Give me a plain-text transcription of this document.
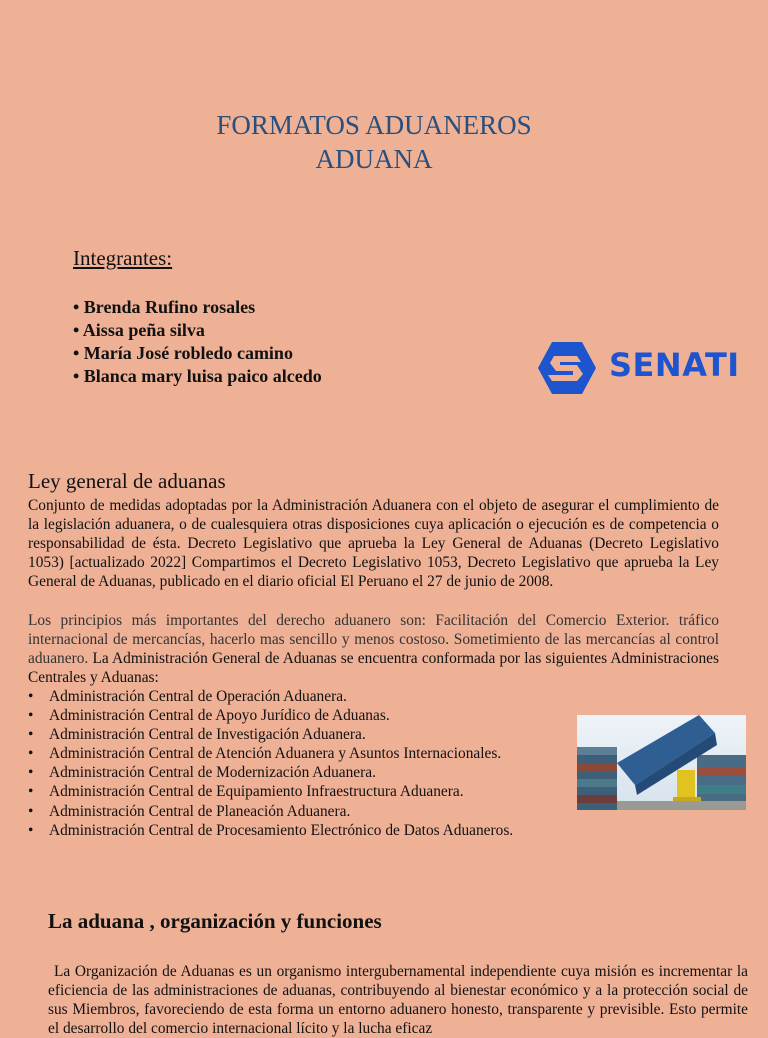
FORMATOS ADUANEROS
ADUANA
Integrantes:
• Brenda Rufino rosales
• Aissa peña silva
• María José robledo camino
• Blanca mary luisa paico alcedo	SENATI
Ley general de aduanas
Conjunto de medidas adoptadas por la Administración Aduanera con el objeto de asegurar el cumplimiento de la legislación aduanera, o de cualesquiera otras disposiciones cuya aplicación o ejecución es de competencia o responsabilidad de ésta. Decreto Legislativo que aprueba la Ley General de Aduanas (Decreto Legislativo 1053) [actualizado 2022] Compartimos el Decreto Legislativo 1053, Decreto Legislativo que aprueba la Ley General de Aduanas, publicado en el diario oficial El Peruano el 27 de junio de 2008.
Los principios más importantes del derecho aduanero son: Facilitación del Comercio Exterior. tráfico internacional de mercancías, hacerlo mas sencillo y menos costoso. Sometimiento de las mercancías al control aduanero. La Administración General de Aduanas se encuentra conformada por las siguientes Administraciones Centrales y Aduanas:
• Administración Central de Operación Aduanera.
• Administración Central de Apoyo Jurídico de Aduanas.
• Administración Central de Investigación Aduanera.
• Administración Central de Atención Aduanera y Asuntos Internacionales.
• Administración Central de Modernización Aduanera.
• Administración Central de Equipamiento Infraestructura Aduanera.
• Administración Central de Planeación Aduanera.
• Administración Central de Procesamiento Electrónico de Datos Aduaneros.
La aduana , organización y funciones
La Organización de Aduanas es un organismo intergubernamental independiente cuya misión es incrementar la eficiencia de las administraciones de aduanas, contribuyendo al bienestar económico y a la protección social de sus Miembros, favoreciendo de esta forma un entorno aduanero honesto, transparente y previsible. Esto permite el desarrollo del comercio internacional lícito y la lucha eficaz
